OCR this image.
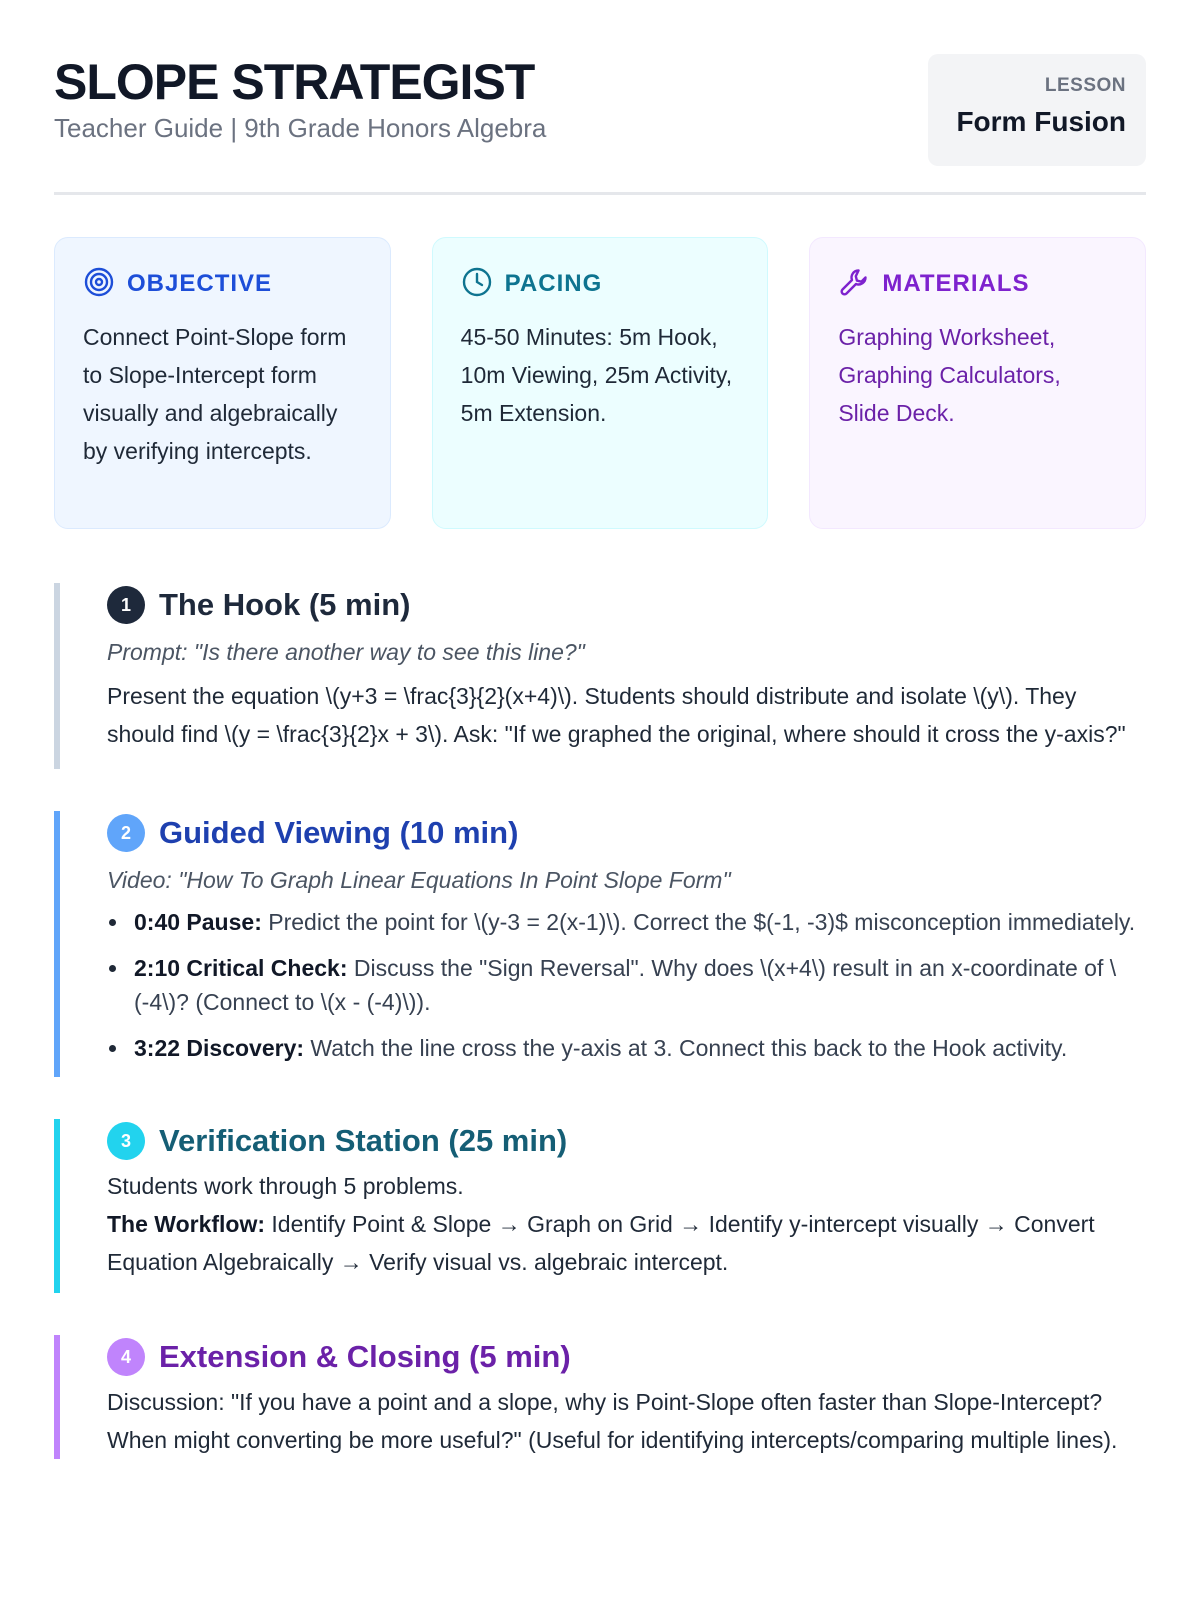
SLOPE STRATEGIST
Teacher Guide | 9th Grade Honors Algebra
LESSON
Form Fusion
OBJECTIVE
Connect Point-Slope form to Slope-Intercept form visually and algebraically by verifying intercepts.
PACING
45-50 Minutes: 5m Hook, 10m Viewing, 25m Activity, 5m Extension.
MATERIALS
Graphing Worksheet, Graphing Calculators, Slide Deck.
1 The Hook (5 min)
Prompt: "Is there another way to see this line?"
Present the equation \(y+3 = \frac{3}{2}(x+4)\). Students should distribute and isolate \(y\). They should find \(y = \frac{3}{2}x + 3\). Ask: "If we graphed the original, where should it cross the y-axis?"
2 Guided Viewing (10 min)
Video: "How To Graph Linear Equations In Point Slope Form"
0:40 Pause: Predict the point for \(y-3 = 2(x-1)\). Correct the $(-1, -3)$ misconception immediately.
2:10 Critical Check: Discuss the "Sign Reversal". Why does \(x+4\) result in an x-coordinate of \(-4\)? (Connect to \(x - (-4)\)).
3:22 Discovery: Watch the line cross the y-axis at 3. Connect this back to the Hook activity.
3 Verification Station (25 min)
Students work through 5 problems.
The Workflow: Identify Point & Slope → Graph on Grid → Identify y-intercept visually → Convert Equation Algebraically → Verify visual vs. algebraic intercept.
4 Extension & Closing (5 min)
Discussion: "If you have a point and a slope, why is Point-Slope often faster than Slope-Intercept? When might converting be more useful?" (Useful for identifying intercepts/comparing multiple lines).
